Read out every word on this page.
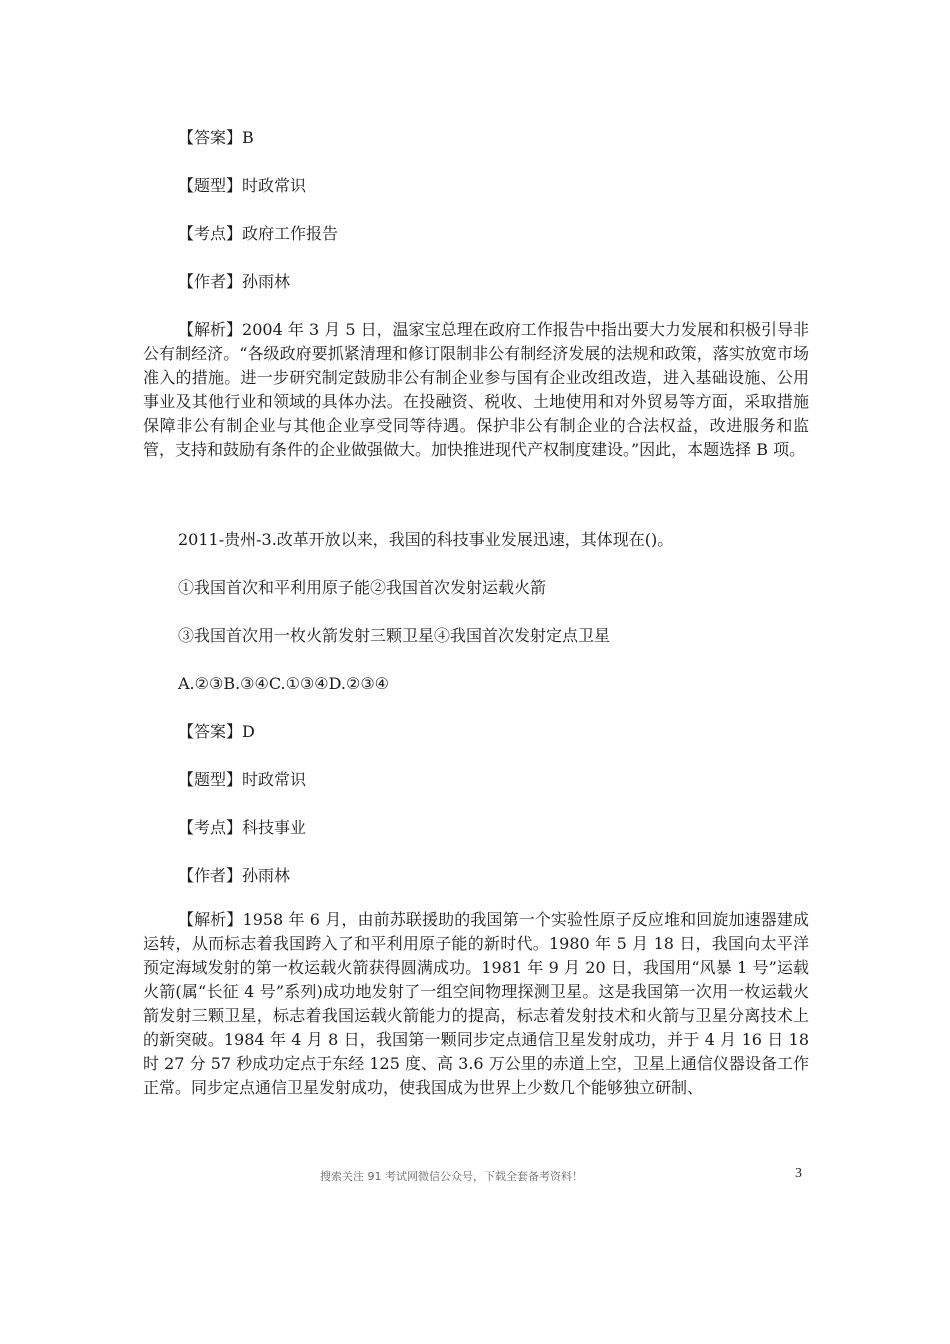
【答案】B
【题型】时政常识
【考点】政府工作报告
【作者】孙雨林

【解析】2004 年 3 月 5 日，温家宝总理在政府工作报告中指出要大力发展和积极引导非公有制经济。“各级政府要抓紧清理和修订限制非公有制经济发展的法规和政策，落实放宽市场准入的措施。进一步研究制定鼓励非公有制企业参与国有企业改组改造，进入基础设施、公用事业及其他行业和领域的具体办法。在投融资、税收、土地使用和对外贸易等方面，采取措施保障非公有制企业与其他企业享受同等待遇。保护非公有制企业的合法权益，改进服务和监管，支持和鼓励有条件的企业做强做大。加快推进现代产权制度建设。”因此，本题选择 B 项。

2011-贵州-3.改革开放以来，我国的科技事业发展迅速，其体现在()。
①我国首次和平利用原子能②我国首次发射运载火箭
③我国首次用一枚火箭发射三颗卫星④我国首次发射定点卫星
A.②③B.③④C.①③④D.②③④
【答案】D
【题型】时政常识
【考点】科技事业
【作者】孙雨林

【解析】1958 年 6 月，由前苏联援助的我国第一个实验性原子反应堆和回旋加速器建成运转，从而标志着我国跨入了和平利用原子能的新时代。1980 年 5 月 18 日，我国向太平洋预定海域发射的第一枚运载火箭获得圆满成功。1981 年 9 月 20 日，我国用“风暴 1 号”运载火箭(属“长征 4 号”系列)成功地发射了一组空间物理探测卫星。这是我国第一次用一枚运载火箭发射三颗卫星，标志着我国运载火箭能力的提高，标志着发射技术和火箭与卫星分离技术上的新突破。1984 年 4 月 8 日，我国第一颗同步定点通信卫星发射成功，并于 4 月 16 日 18 时 27 分 57 秒成功定点于东经 125 度、高 3.6 万公里的赤道上空，卫星上通信仪器设备工作正常。同步定点通信卫星发射成功，使我国成为世界上少数几个能够独立研制、

搜索关注 91 考试网微信公众号，下载全套备考资料！	3
